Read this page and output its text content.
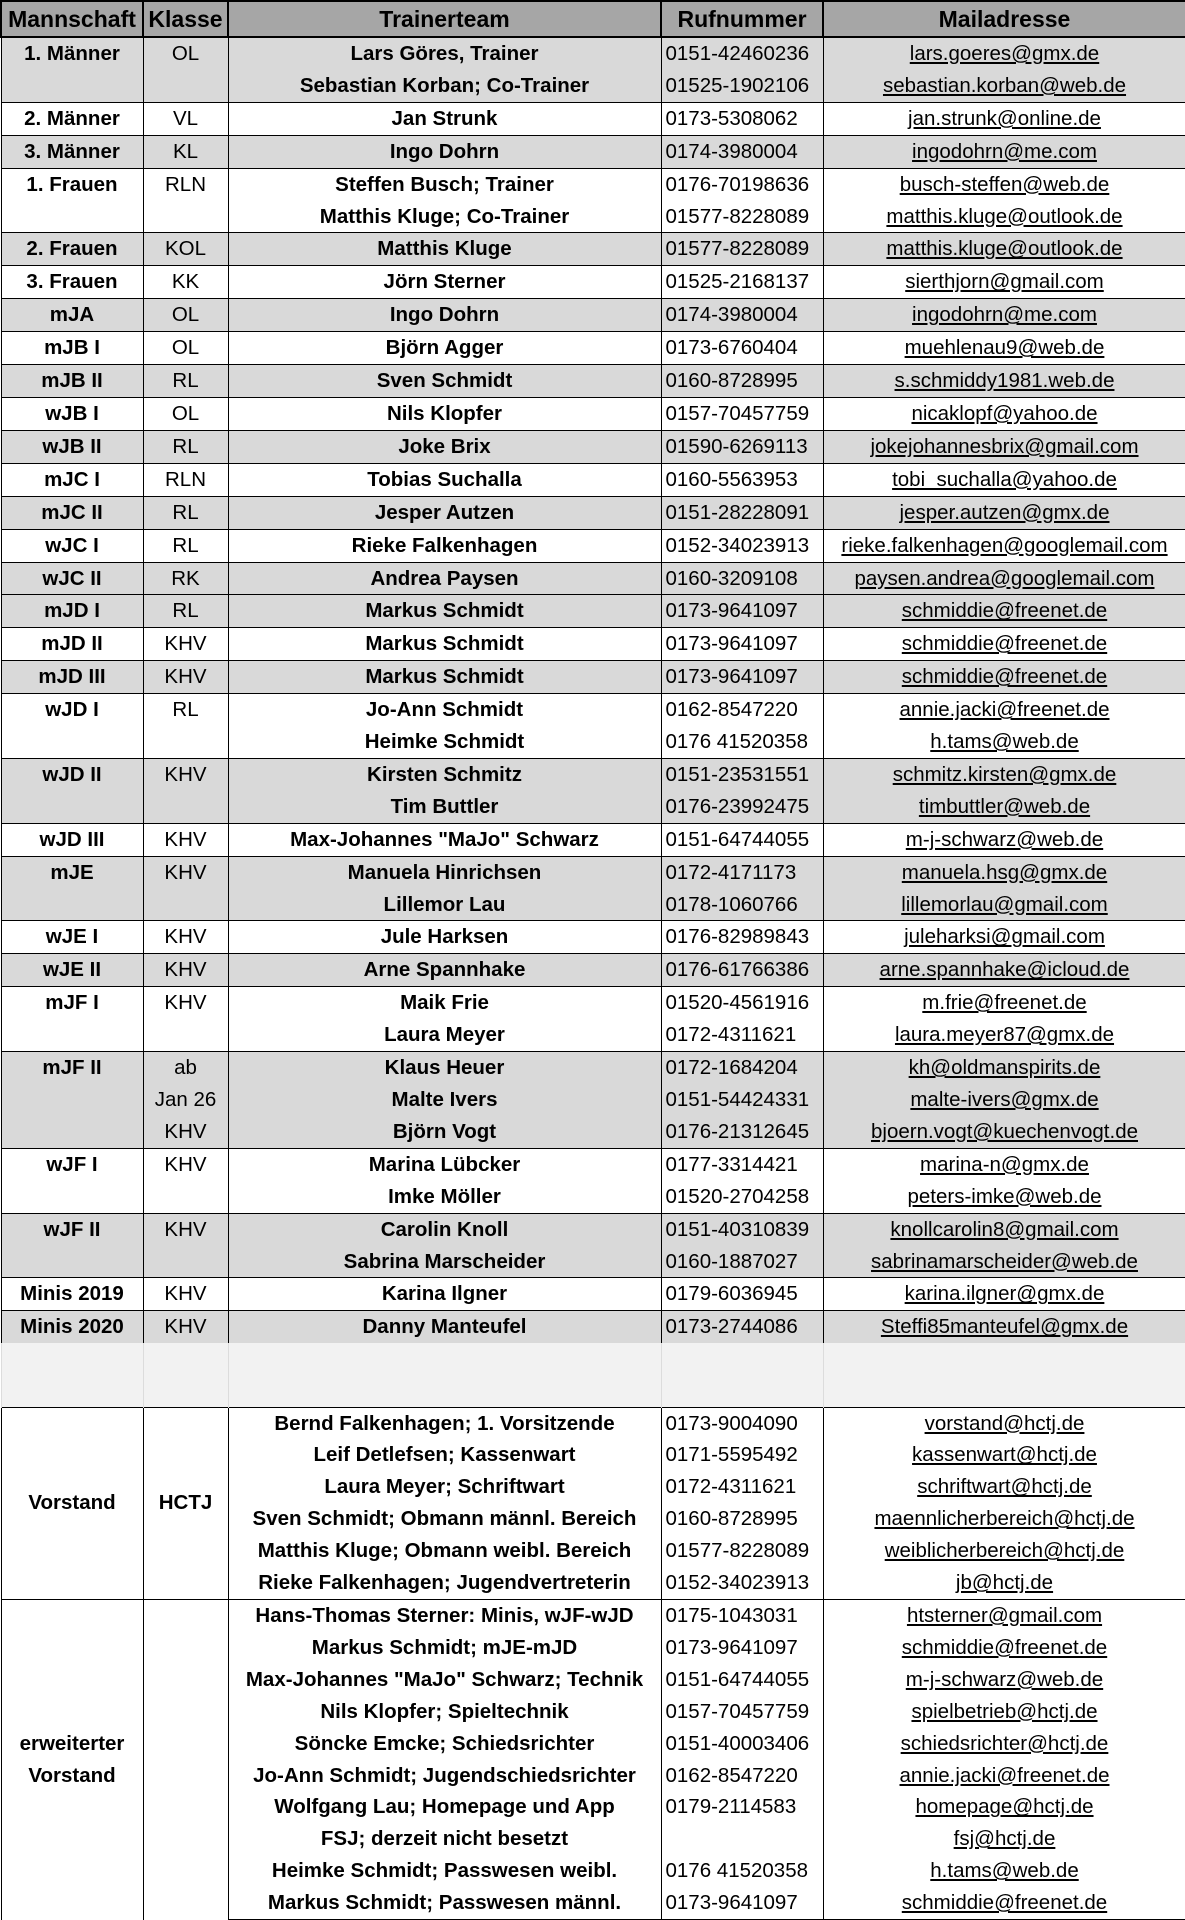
Mannschaft	Klasse	Trainerteam	Rufnummer	Mailadresse
1. Männer	OL	Lars Göres, Trainer	0151-42460236	lars.goeres@gmx.de
		Sebastian Korban; Co-Trainer	01525-1902106	sebastian.korban@web.de
2. Männer	VL	Jan Strunk	0173-5308062	jan.strunk@online.de
3. Männer	KL	Ingo Dohrn	0174-3980004	ingodohrn@me.com
1. Frauen	RLN	Steffen Busch; Trainer	0176-70198636	busch-steffen@web.de
		Matthis Kluge; Co-Trainer	01577-8228089	matthis.kluge@outlook.de
2. Frauen	KOL	Matthis Kluge	01577-8228089	matthis.kluge@outlook.de
3. Frauen	KK	Jörn Sterner	01525-2168137	sierthjorn@gmail.com
mJA	OL	Ingo Dohrn	0174-3980004	ingodohrn@me.com
mJB I	OL	Björn Agger	0173-6760404	muehlenau9@web.de
mJB II	RL	Sven Schmidt	0160-8728995	s.schmiddy1981.web.de
wJB I	OL	Nils Klopfer	0157-70457759	nicaklopf@yahoo.de
wJB II	RL	Joke Brix	01590-6269113	jokejohannesbrix@gmail.com
mJC I	RLN	Tobias Suchalla	0160-5563953	tobi_suchalla@yahoo.de
mJC II	RL	Jesper Autzen	0151-28228091	jesper.autzen@gmx.de
wJC I	RL	Rieke Falkenhagen	0152-34023913	rieke.falkenhagen@googlemail.com
wJC II	RK	Andrea Paysen	0160-3209108	paysen.andrea@googlemail.com
mJD I	RL	Markus Schmidt	0173-9641097	schmiddie@freenet.de
mJD II	KHV	Markus Schmidt	0173-9641097	schmiddie@freenet.de
mJD III	KHV	Markus Schmidt	0173-9641097	schmiddie@freenet.de
wJD I	RL	Jo-Ann Schmidt	0162-8547220	annie.jacki@freenet.de
		Heimke Schmidt	0176 41520358	h.tams@web.de
wJD II	KHV	Kirsten Schmitz	0151-23531551	schmitz.kirsten@gmx.de
		Tim Buttler	0176-23992475	timbuttler@web.de
wJD III	KHV	Max-Johannes "MaJo" Schwarz	0151-64744055	m-j-schwarz@web.de
mJE	KHV	Manuela Hinrichsen	0172-4171173	manuela.hsg@gmx.de
		Lillemor Lau	0178-1060766	lillemorlau@gmail.com
wJE I	KHV	Jule Harksen	0176-82989843	juleharksi@gmail.com
wJE II	KHV	Arne Spannhake	0176-61766386	arne.spannhake@icloud.de
mJF I	KHV	Maik Frie	01520-4561916	m.frie@freenet.de
		Laura Meyer	0172-4311621	laura.meyer87@gmx.de
mJF II	ab	Klaus Heuer	0172-1684204	kh@oldmanspirits.de
	Jan 26	Malte Ivers	0151-54424331	malte-ivers@gmx.de
	KHV	Björn Vogt	0176-21312645	bjoern.vogt@kuechenvogt.de
wJF I	KHV	Marina Lübcker	0177-3314421	marina-n@gmx.de
		Imke Möller	01520-2704258	peters-imke@web.de
wJF II	KHV	Carolin Knoll	0151-40310839	knollcarolin8@gmail.com
		Sabrina Marscheider	0160-1887027	sabrinamarscheider@web.de
Minis 2019	KHV	Karina Ilgner	0179-6036945	karina.ilgner@gmx.de
Minis 2020	KHV	Danny Manteufel	0173-2744086	Steffi85manteufel@gmx.de

Vorstand	HCTJ	Bernd Falkenhagen; 1. Vorsitzende	0173-9004090	vorstand@hctj.de
		Leif Detlefsen; Kassenwart	0171-5595492	kassenwart@hctj.de
		Laura Meyer; Schriftwart	0172-4311621	schriftwart@hctj.de
		Sven Schmidt; Obmann männl. Bereich	0160-8728995	maennlicherbereich@hctj.de
		Matthis Kluge; Obmann weibl. Bereich	01577-8228089	weiblicherbereich@hctj.de
		Rieke Falkenhagen; Jugendvertreterin	0152-34023913	jb@hctj.de

erweiterter
Vorstand		Hans-Thomas Sterner: Minis, wJF-wJD	0175-1043031	htsterner@gmail.com
		Markus Schmidt; mJE-mJD	0173-9641097	schmiddie@freenet.de
		Max-Johannes "MaJo" Schwarz; Technik	0151-64744055	m-j-schwarz@web.de
		Nils Klopfer; Spieltechnik	0157-70457759	spielbetrieb@hctj.de
		Söncke Emcke; Schiedsrichter	0151-40003406	schiedsrichter@hctj.de
		Jo-Ann Schmidt; Jugendschiedsrichter	0162-8547220	annie.jacki@freenet.de
		Wolfgang Lau; Homepage und App	0179-2114583	homepage@hctj.de
		FSJ; derzeit nicht besetzt		fsj@hctj.de
		Heimke Schmidt; Passwesen weibl.	0176 41520358	h.tams@web.de
		Markus Schmidt; Passwesen männl.	0173-9641097	schmiddie@freenet.de
